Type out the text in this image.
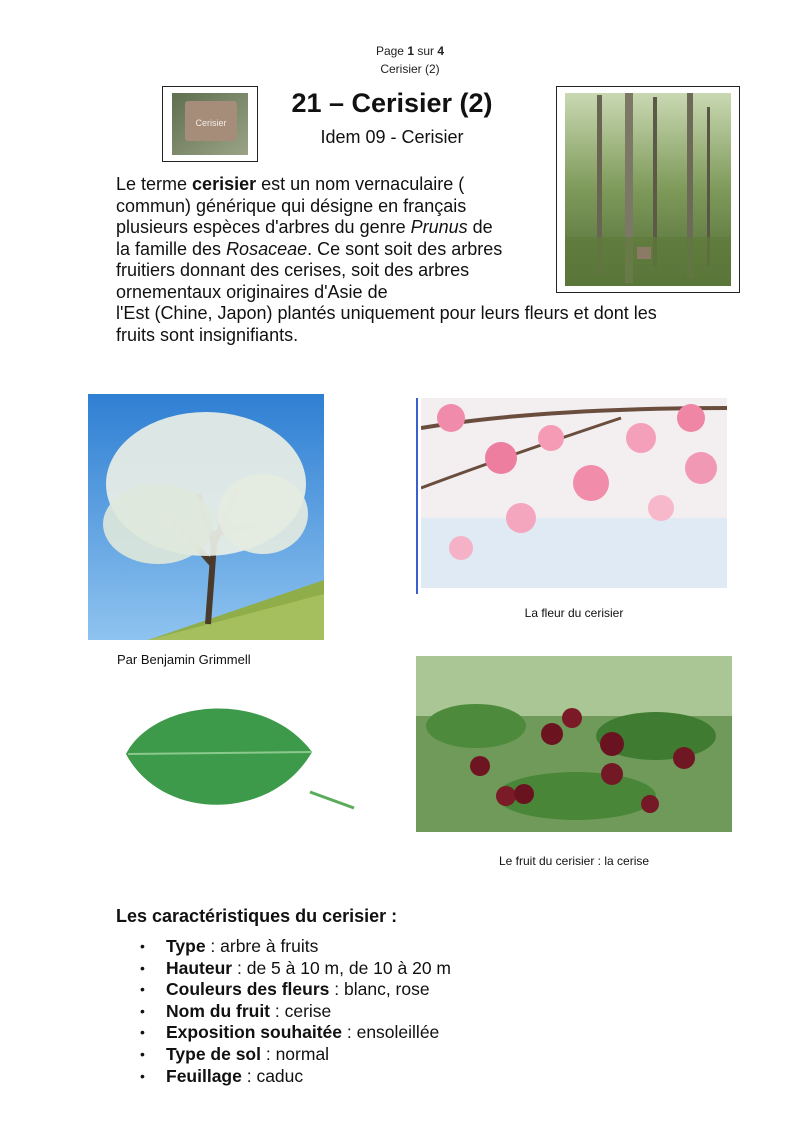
Page 1 sur 4
Cerisier (2)
Cerisier
21 – Cerisier (2)
Idem 09 - Cerisier
Le terme cerisier est un nom vernaculaire (
commun) générique qui désigne en français
plusieurs espèces d'arbres du genre Prunus de
la famille des Rosaceae. Ce sont soit des arbres
fruitiers donnant des cerises, soit des arbres
ornementaux originaires d'Asie de
l'Est (Chine, Japon) plantés uniquement pour leurs fleurs et dont les
fruits sont insignifiants.
Par Benjamin Grimmell
La fleur du cerisier
Le fruit du cerisier : la cerise
Les caractéristiques du cerisier :
• Type : arbre à fruits
• Hauteur : de 5 à 10 m, de 10 à 20 m
• Couleurs des fleurs : blanc, rose
• Nom du fruit : cerise
• Exposition souhaitée : ensoleillée
• Type de sol : normal
• Feuillage : caduc
